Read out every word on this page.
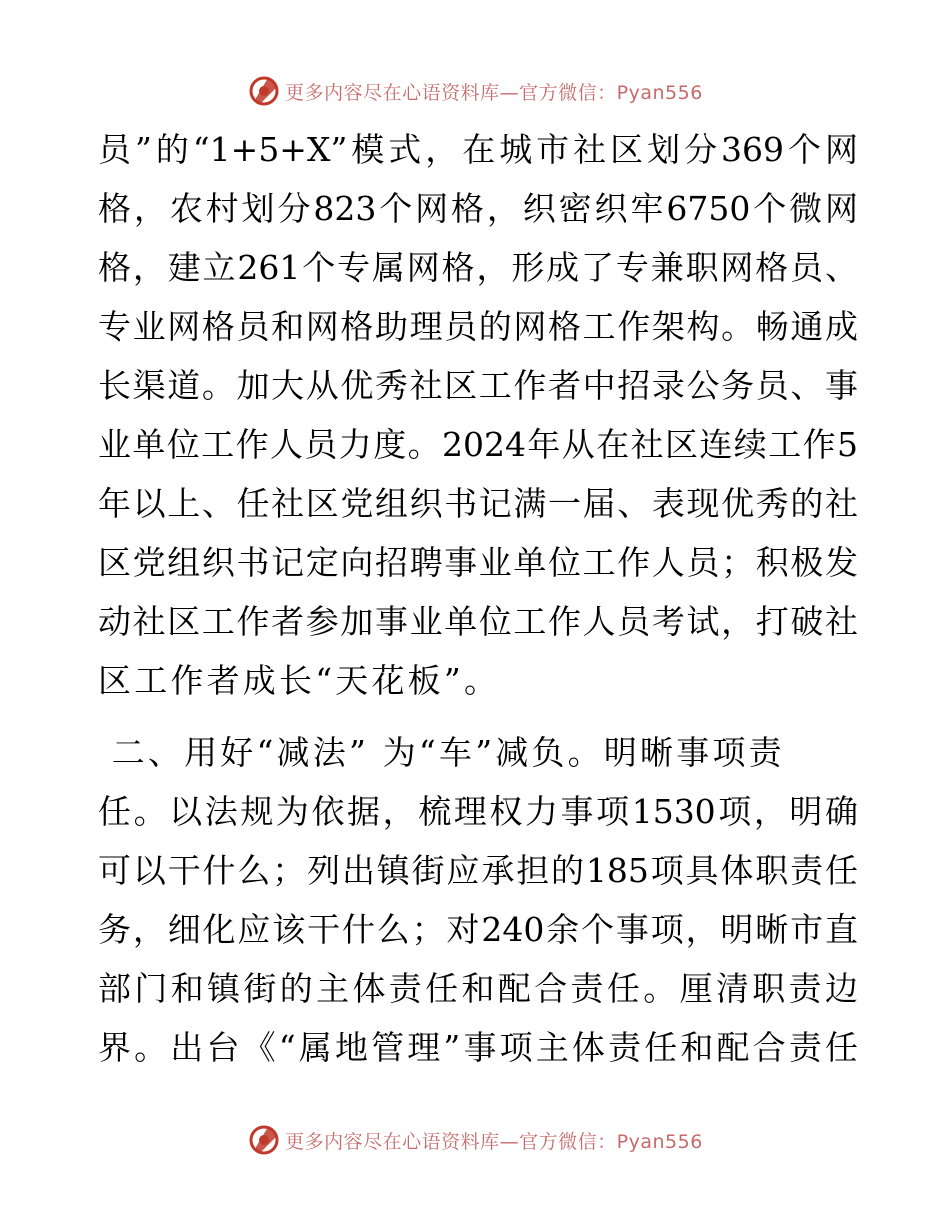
更多内容尽在心语资料库—官方微信：Pyan556
员”的“1+5+X”模式，在城市社区划分369个网
格，农村划分823个网格，织密织牢6750个微网
格，建立261个专属网格，形成了专兼职网格员、
专业网格员和网格助理员的网格工作架构。畅通成
长渠道。加大从优秀社区工作者中招录公务员、事
业单位工作人员力度。2024年从在社区连续工作5
年以上、任社区党组织书记满一届、表现优秀的社
区党组织书记定向招聘事业单位工作人员；积极发
动社区工作者参加事业单位工作人员考试，打破社
区工作者成长“天花板”。
二、用好“减法” 为“车”减负。明晰事项责
任。以法规为依据，梳理权力事项1530项，明确
可以干什么；列出镇街应承担的185项具体职责任
务，细化应该干什么；对240余个事项，明晰市直
部门和镇街的主体责任和配合责任。厘清职责边
界。出台《“属地管理”事项主体责任和配合责任
更多内容尽在心语资料库—官方微信：Pyan556
